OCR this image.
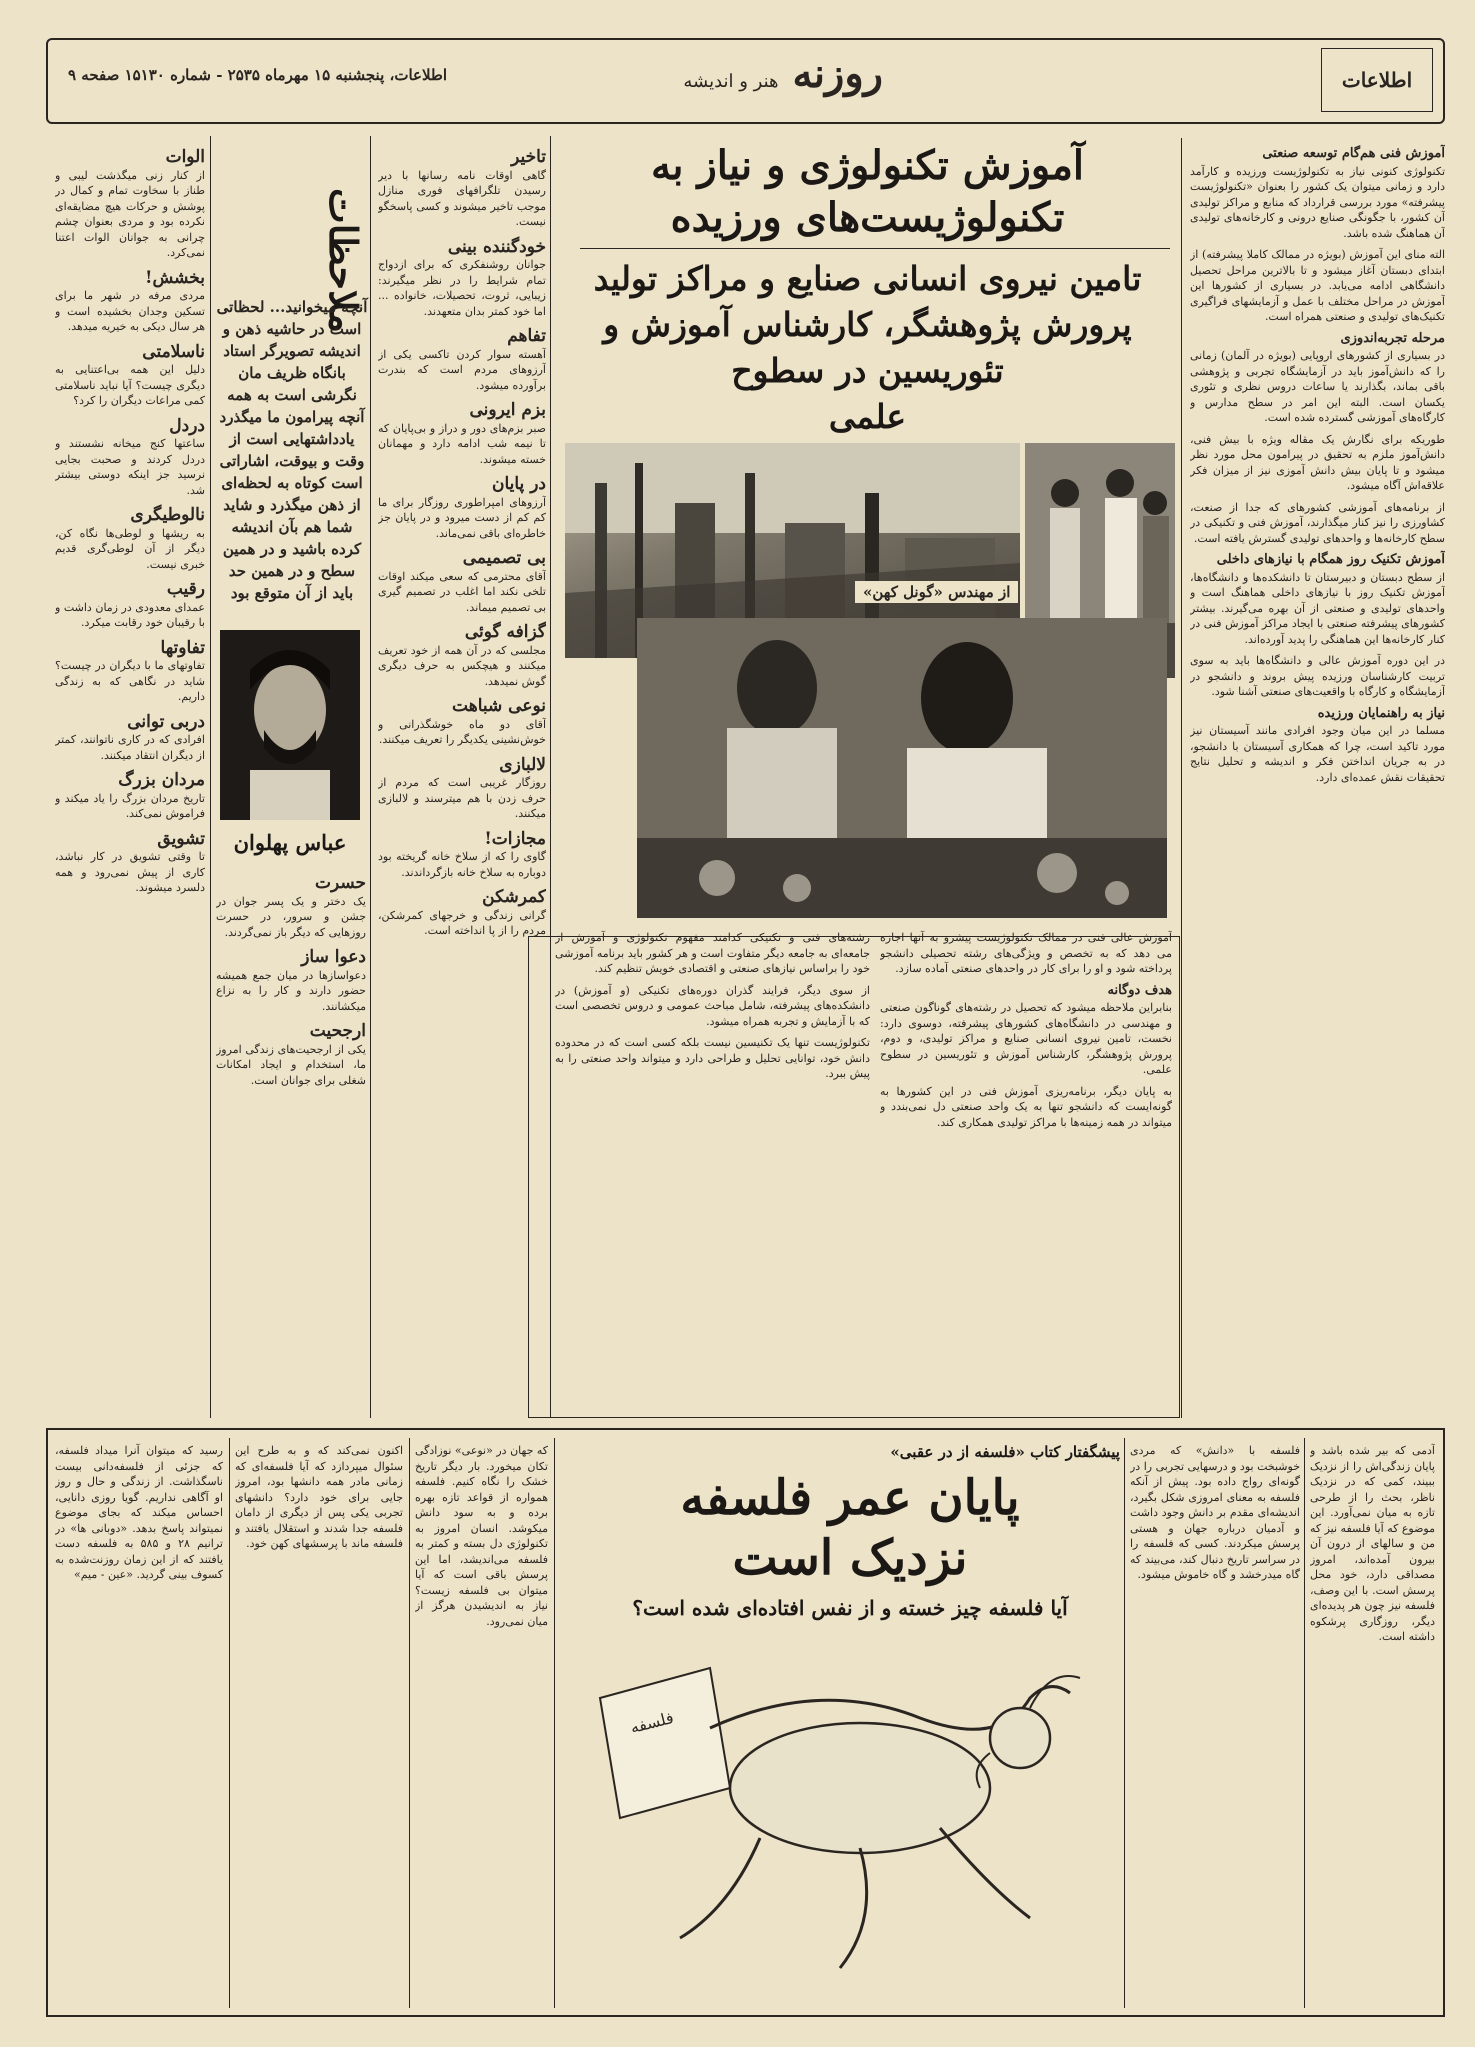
اطلاعات
روزنه هنر و اندیشه
اطلاعات، پنجشنبه ۱۵ مهرماه ۲۵۳۵ - شماره ۱۵۱۳۰ صفحه ۹
آموزش فنی هم‌گام توسعه صنعتی

تکنولوژی کنونی نیاز به تکنولوژیست ورزیده و کارآمد دارد و زمانی میتوان یک کشور را بعنوان «تکنولوژیست پیشرفته» مورد بررسی قرارداد که منابع و مراکز تولیدی آن کشور، با جگونگی صنایع درونی و کارخانه‌های تولیدی آن هماهنگ شده باشد.

الته منای این آموزش (بویژه در ممالک کاملا پیشرفته) از ابتدای دبستان آغاز میشود و تا بالاترین مراحل تحصیل دانشگاهی ادامه می‌یابد. در بسیاری از کشورها این آموزش در مراحل مختلف با عمل و آزمایشهای فراگیری تکنیک‌های تولیدی و صنعتی همراه است.

مرحله تجربه‌اندوزی

در بسیاری از کشورهای اروپایی (بویژه در آلمان) زمانی را که دانش‌آموز باید در آزمایشگاه تجربی و پژوهشی باقی بماند، بگذارند یا ساعات دروس نظری و تئوری یکسان است. البته این امر در سطح مدارس و کارگاه‌های آموزشی گسترده شده است.

طوریکه برای نگارش یک مقاله ویژه با بیش فنی، دانش‌آموز ملزم به تحقیق در پیرامون محل مورد نظر میشود و تا پایان بیش دانش آموزی نیز از میزان فکر علاقه‌اش آگاه میشود.

از برنامه‌های آموزشی کشورهای که جدا از صنعت، کشاورزی را نیز کنار میگذارند، آموزش فنی و تکنیکی در سطح کارخانه‌ها و واحدهای تولیدی گسترش یافته است.

آموزش تکنیک روز همگام با نیازهای داخلی

از سطح دبستان و دبیرستان تا دانشکده‌ها و دانشگاه‌ها، آموزش تکنیک روز با نیازهای داخلی هماهنگ است و واحدهای تولیدی و صنعتی از آن بهره می‌گیرند. بیشتر کشورهای پیشرفته صنعتی با ایجاد مراکز آموزش فنی در کنار کارخانه‌ها این هماهنگی را پدید آورده‌اند.

در این دوره آموزش عالی و دانشگاه‌ها باید به سوی تربیت کارشناسان ورزیده پیش بروند و دانشجو در آزمایشگاه و کارگاه با واقعیت‌های صنعتی آشنا شود.

نیاز به راهنمایان ورزیده

مسلما در این میان وجود افرادی مانند آسیستان نیز مورد تاکید است، چرا که همکاری آسیستان با دانشجو، در به جریان انداختن فکر و اندیشه و تحلیل نتایج تحقیقات نقش عمده‌ای دارد.

آموزش تکنولوژی و نیاز به
تکنولوژیست‌های ورزیده
تامین نیروی انسانی صنایع و مراکز تولید
پرورش پژوهشگر، کارشناس آموزش و
تئوریسین در سطوح
علمی
از مهندس «گونل کهن»

آموزش عالی فنی در ممالک تکنولوژیست پیشرو به آنها اجازه می دهد که به تخصص و ویژگی‌های رشته تحصیلی دانشجو پرداخته شود و او را برای کار در واحدهای صنعتی آماده سازد.

هدف دوگانه

بنابراین ملاحظه میشود که تحصیل در رشته‌های گوناگون صنعتی و مهندسی در دانشگاه‌های کشورهای پیشرفته، دوسوی دارد: نخست، تامین نیروی انسانی صنایع و مراکز تولیدی، و دوم، پرورش پژوهشگر، کارشناس آموزش و تئوریسین در سطوح علمی.

به پایان دیگر، برنامه‌ریزی آموزش فنی در این کشورها به گونه‌ایست که دانشجو تنها به یک واحد صنعتی دل نمی‌بندد و میتواند در همه زمینه‌ها با مراکز تولیدی همکاری کند.

رشته‌های فنی و تکنیکی کدامند مفهوم تکنولوژی و آموزش از جامعه‌ای به جامعه دیگر متفاوت است و هر کشور باید برنامه آموزشی خود را براساس نیازهای صنعتی و اقتصادی خویش تنظیم کند.

از سوی دیگر، فرایند گذران دوره‌های تکنیکی (و آموزش) در دانشکده‌های پیشرفته، شامل مباحث عمومی و دروس تخصصی است که با آزمایش و تجربه همراه میشود.

تکنولوژیست تنها یک تکنیسین نیست بلکه کسی است که در محدوده دانش خود، توانایی تحلیل و طراحی دارد و میتواند واحد صنعتی را به پیش ببرد.

تاخیر

گاهی اوقات نامه رسانها با دیر رسیدن تلگرافهای فوری منازل موجب تاخیر میشوند و کسی پاسخگو نیست.

خودگننده بینی

جوانان روشنفکری که برای ازدواج تمام شرایط را در نظر میگیرند: زیبایی، ثروت، تحصیلات، خانواده ... اما خود کمتر بدان متعهدند.

تفاهم

آهسته سوار کردن تاکسی یکی از آرزوهای مردم است که بندرت برآورده میشود.

بزم ایرونی

صبر بزم‌های دور و دراز و بی‌پایان که تا نیمه شب ادامه دارد و مهمانان خسته میشوند.

در پایان

آرزوهای امپراطوری روزگار برای ما کم کم از دست میرود و در پایان جز خاطره‌ای باقی نمی‌ماند.

بی تصمیمی

آقای محترمی که سعی میکند اوقات تلخی نکند اما اغلب در تصمیم گیری بی تصمیم میماند.

گزافه گوئی

مجلسی که در آن همه از خود تعریف میکنند و هیچکس به حرف دیگری گوش نمیدهد.

نوعی شباهت

آقای دو ماه خوشگذرانی و خوش‌نشینی یکدیگر را تعریف میکنند.

لالبازی

روزگار غریبی است که مردم از حرف زدن با هم میترسند و لالبازی میکنند.

مجازات!

گاوی را که از سلاخ خانه گریخته بود دوباره به سلاخ خانه بازگرداندند.

کمرشکن

گرانی زندگی و خرجهای کمرشکن، مردم را از پا انداخته است.

ملاحظات
آنچه میخوانید... لحظاتی است در حاشیه ذهن و اندیشه تصویرگر استاد بانگاه ظریف مان نگرشی است به همه آنچه پیرامون ما میگذرد یادداشتهایی است از وقت و بیوقت، اشاراتی است کوتاه به لحظه‌ای از ذهن میگذرد و شاید شما هم بآن اندیشه کرده باشید و در همین سطح و در همین حد باید از آن متوقع بود
عباس پهلوان
حسرت

یک دختر و یک پسر جوان در جشن و سرور، در حسرت روزهایی که دیگر باز نمی‌گردند.

دعوا ساز

دعواسازها در میان جمع همیشه حضور دارند و کار را به نزاع میکشانند.

ارجحیت

یکی از ارجحیت‌های زندگی امروز ما، استخدام و ایجاد امکانات شغلی برای جوانان است.

الوات

از کنار زنی میگذشت لیبی و طناز با سخاوت تمام و کمال در پوشش و حرکات هیچ مضایقه‌ای نکرده بود و مردی بعنوان چشم چرانی به جوانان الوات اعتنا نمی‌کرد.

بخشش!

مردی مرفه در شهر ما برای تسکین وجدان بخشیده است و هر سال دیکی به خیریه میدهد.

ناسلامتی

دلیل این همه بی‌اعتنایی به دیگری چیست؟ آیا نباید ناسلامتی کمی مراعات دیگران را کرد؟

دردل

ساعتها کنج میخانه نشستند و دردل کردند و صحبت بجایی نرسید جز اینکه دوستی بیشتر شد.

نالوطیگری

به ریشها و لوطی‌ها نگاه کن، دیگر از آن لوطی‌گری قدیم خبری نیست.

رقیب

عمدای معدودی در زمان داشت و با رقیبان خود رقابت میکرد.

تفاوتها

تفاوتهای ما با دیگران در چیست؟ شاید در نگاهی که به زندگی داریم.

دربی توانی

افرادی که در کاری ناتوانند، کمتر از دیگران انتقاد میکنند.

مردان بزرگ

تاریخ مردان بزرگ را یاد میکند و فراموش نمی‌کند.

تشویق

تا وقتی تشویق در کار نباشد، کاری از پیش نمی‌رود و همه دلسرد میشوند.

آدمی که بیر شده باشد و پایان زندگی‌اش را از نزدیک ببیند، کمی که در نزدیک ناظر، بحث را از طرحی تازه به میان نمی‌آورد. این موضوع که آیا فلسفه نیز که من و سالهای از درون آن بیرون آمده‌اند، امروز مصداقی دارد، خود محل پرسش است. با این وصف، فلسفه نیز چون هر پدیده‌ای دیگر، روزگاری پرشکوه داشته است.

فلسفه با «دانش» که مردی خوشبخت بود و درسهایی تجربی را در گونه‌ای رواج داده بود. پیش از آنکه فلسفه به معنای امروزی شکل بگیرد، اندیشه‌ای مقدم بر دانش وجود داشت و آدمیان درباره جهان و هستی پرسش میکردند. کسی که فلسفه را در سراسر تاریخ دنبال کند، می‌بیند که گاه میدرخشد و گاه خاموش میشود.

پیشگفتار کتاب «فلسفه از در عقبی»
پایان عمر فلسفه
نزدیک است
آیا فلسفه چیز خسته و از نفس افتاده‌ای شده است؟
فلسفه

که جهان در «نوعی» نوزادگی تکان میخورد. بار دیگر تاریخ خشک را نگاه کنیم. فلسفه همواره از قواعد تازه بهره برده و به سود دانش میکوشد. انسان امروز به تکنولوژی دل بسته و کمتر به فلسفه می‌اندیشد، اما این پرسش باقی است که آیا میتوان بی فلسفه زیست؟ نیاز به اندیشیدن هرگز از میان نمی‌رود.

اکنون نمی‌کند که و به طرح این سئوال میپردازد که آیا فلسفه‌ای که زمانی مادر همه دانشها بود، امروز جایی برای خود دارد؟ دانشهای تجربی یکی پس از دیگری از دامان فلسفه جدا شدند و استقلال یافتند و فلسفه ماند با پرسشهای کهن خود.

رسید که میتوان آنرا میداد فلسفه، که جزئی از فلسفه‌دانی بیست ناسگذاشت. از زندگی و حال و روز او آگاهی نداریم. گویا روزی دانایی، احساس میکند که بجای موضوع نمیتواند پاسخ بدهد. «دوبانی ها» در ترانیم ۲۸ و ۵۸۵ به فلسفه دست یافتند که از این زمان روزنت‌شده به کسوف بینی گردید. «عین - میم»
